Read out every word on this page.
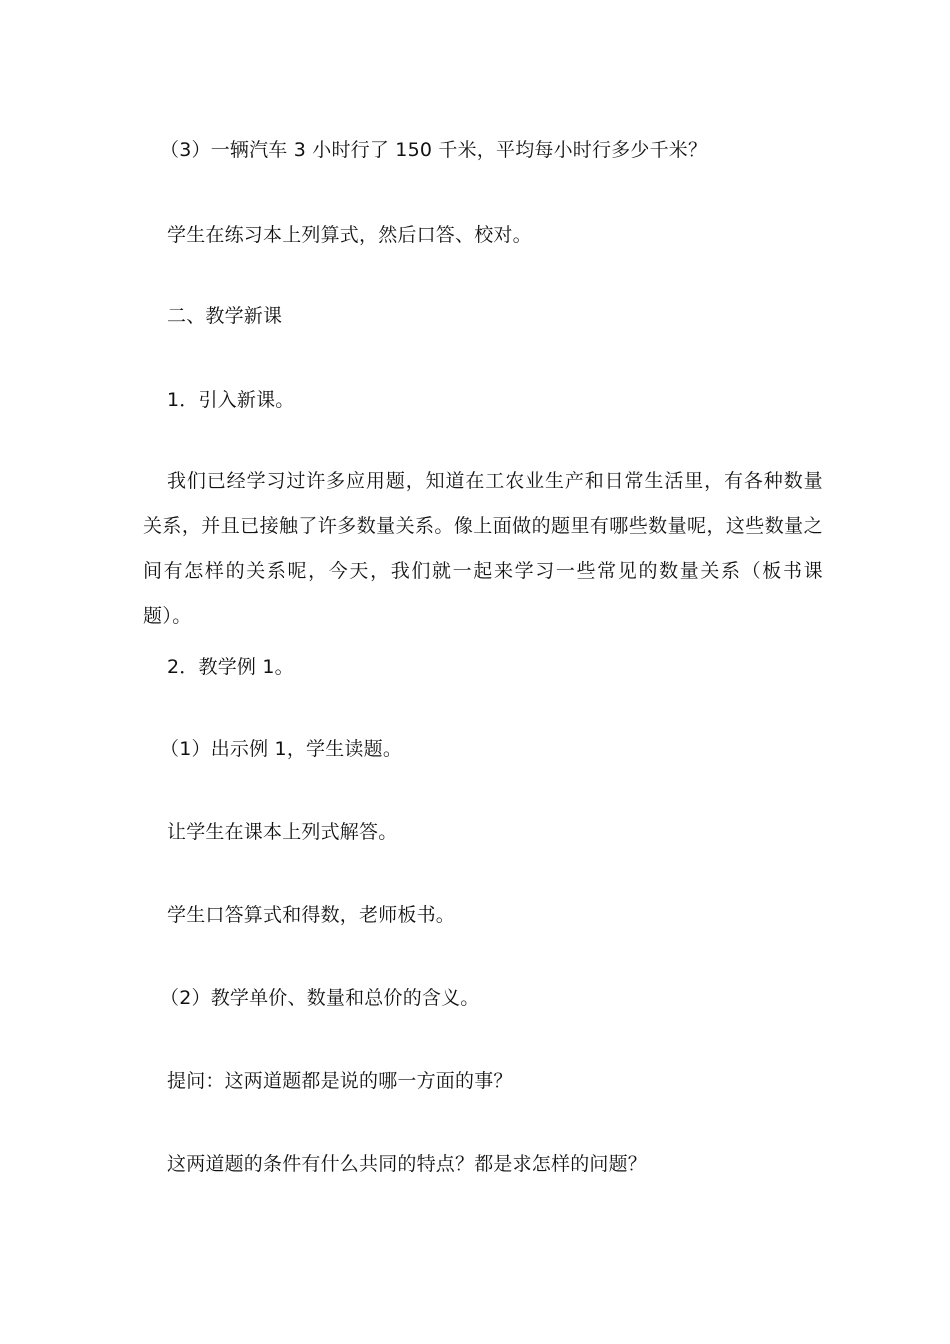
（3）一辆汽车 3 小时行了 150 千米，平均每小时行多少千米？
学生在练习本上列算式，然后口答、校对。
二、教学新课
1．引入新课。
我们已经学习过许多应用题，知道在工农业生产和日常生活里，有各种数量关系，并且已接触了许多数量关系。像上面做的题里有哪些数量呢，这些数量之间有怎样的关系呢，今天，我们就一起来学习一些常见的数量关系（板书课题）。
2．教学例 1。
（1）出示例 1，学生读题。
让学生在课本上列式解答。
学生口答算式和得数，老师板书。
（2）教学单价、数量和总价的含义。
提问：这两道题都是说的哪一方面的事？
这两道题的条件有什么共同的特点？都是求怎样的问题？
